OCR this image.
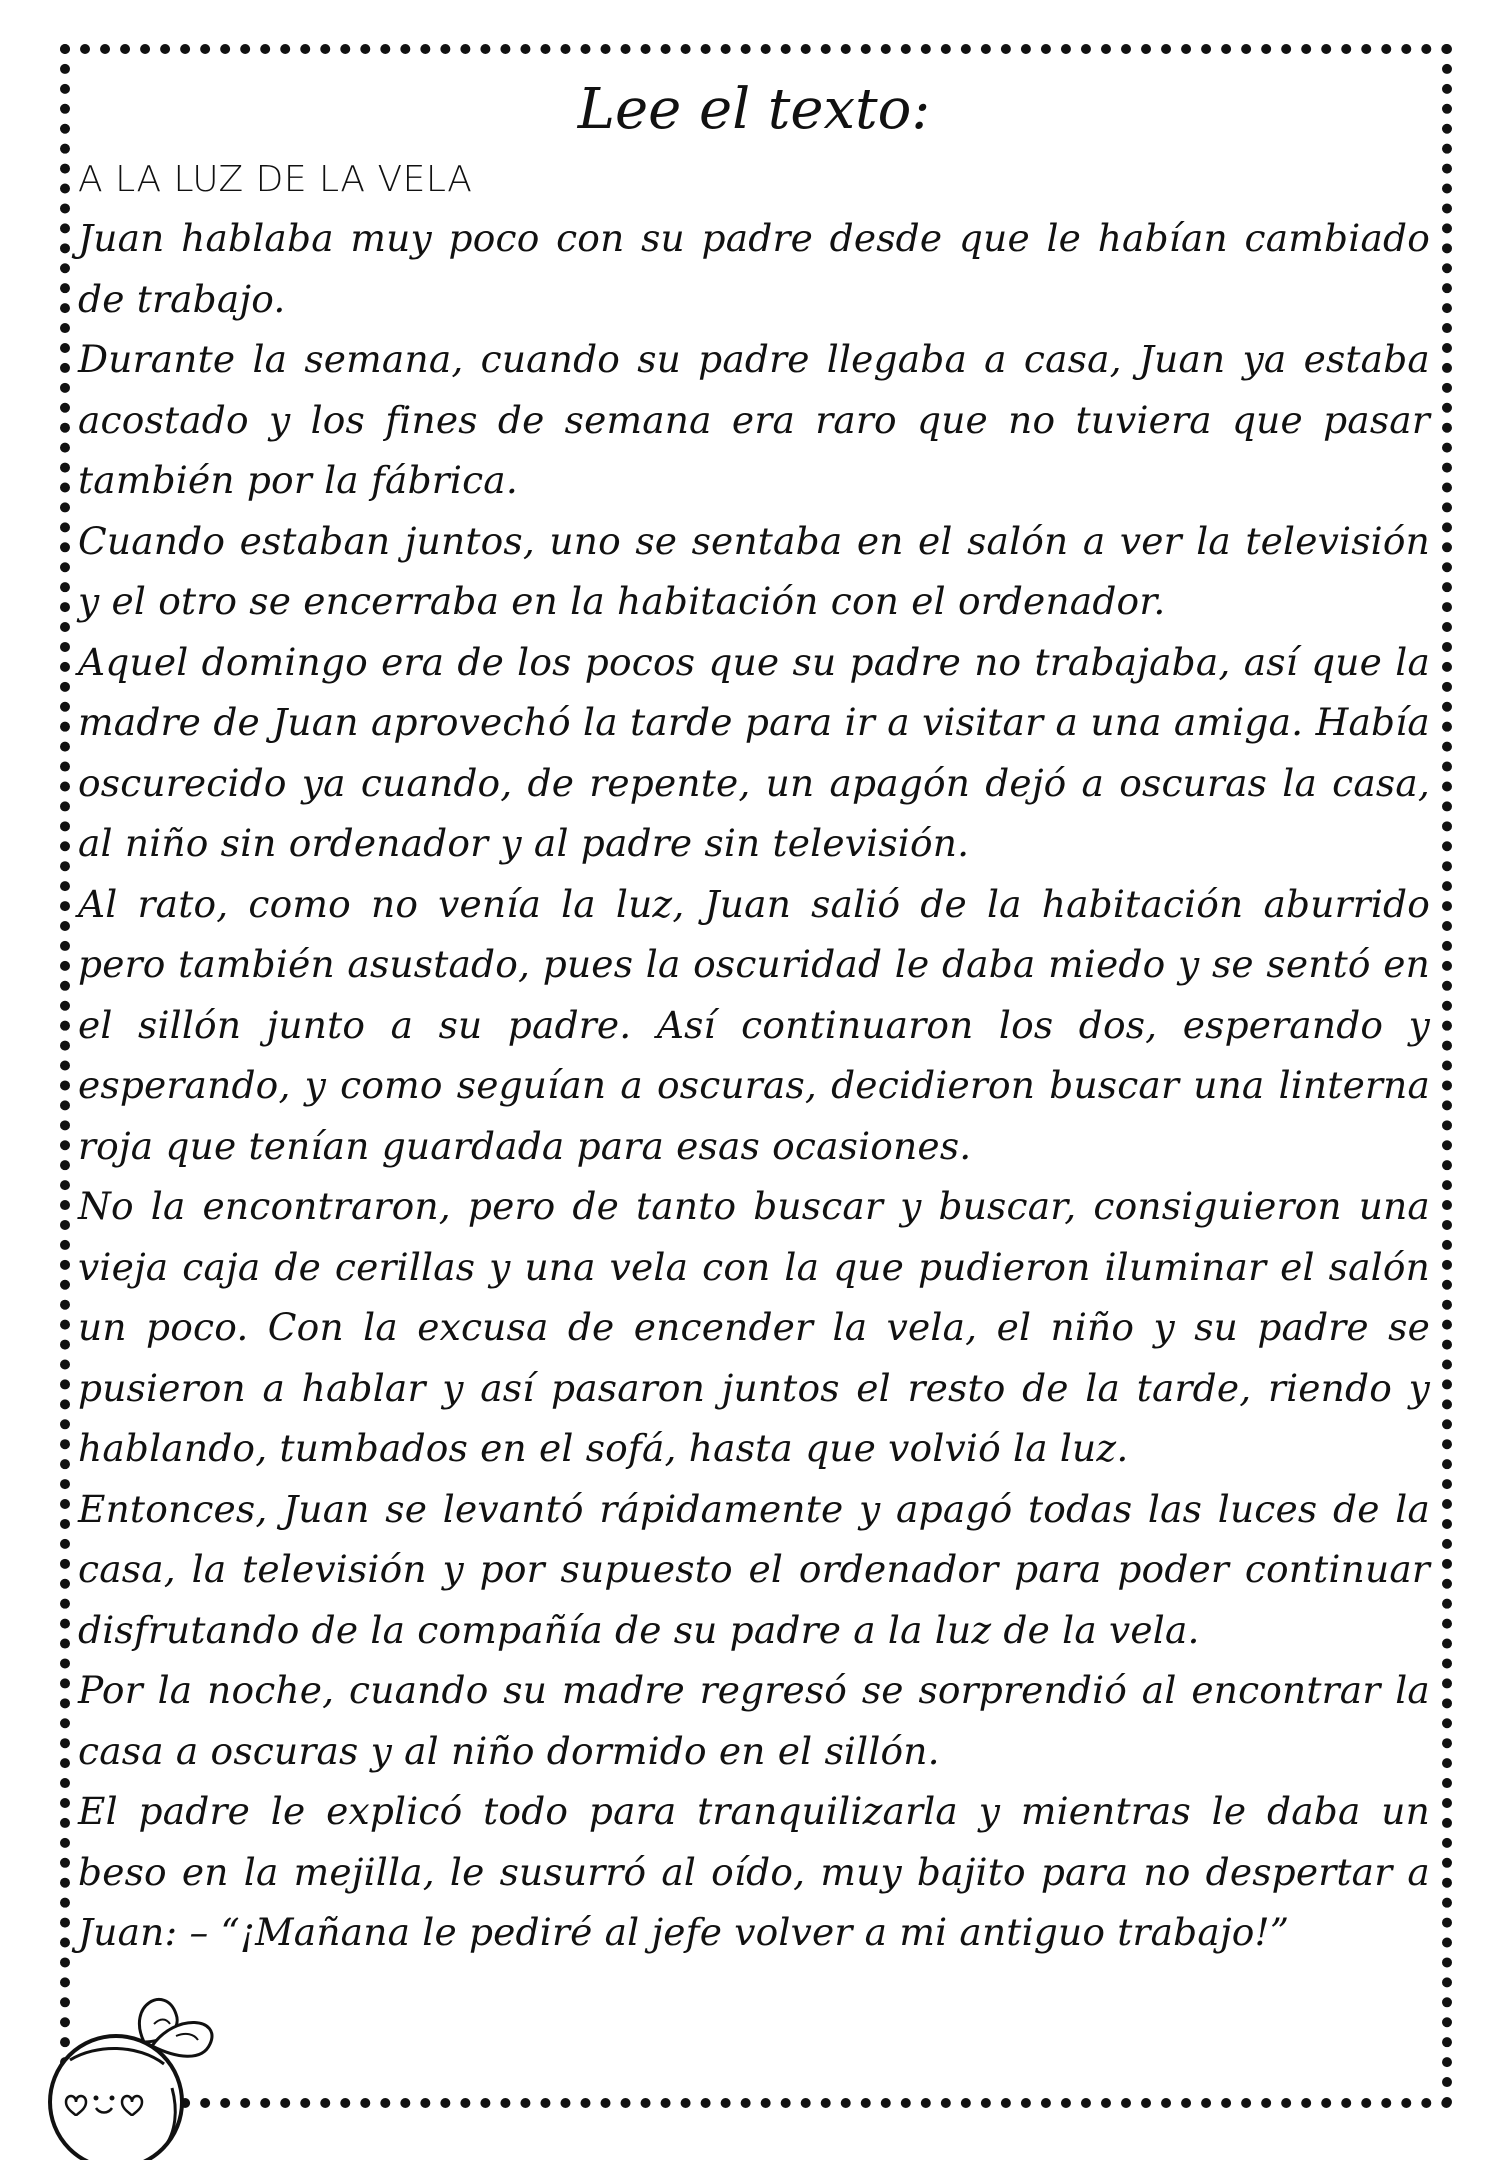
Lee el texto:

A LA LUZ DE LA VELA

Juan hablaba muy poco con su padre desde que le habían cambiado de trabajo.

Durante la semana, cuando su padre llegaba a casa, Juan ya estaba acostado y los fines de semana era raro que no tuviera que pasar también por la fábrica.

Cuando estaban juntos, uno se sentaba en el salón a ver la televisión y el otro se encerraba en la habitación con el ordenador.

Aquel domingo era de los pocos que su padre no trabajaba, así que la madre de Juan aprovechó la tarde para ir a visitar a una amiga. Había oscurecido ya cuando, de repente, un apagón dejó a oscuras la casa, al niño sin ordenador y al padre sin televisión.

Al rato, como no venía la luz, Juan salió de la habitación aburrido pero también asustado, pues la oscuridad le daba miedo y se sentó en el sillón junto a su padre. Así continuaron los dos, esperando y esperando, y como seguían a oscuras, decidieron buscar una linterna roja que tenían guardada para esas ocasiones.

No la encontraron, pero de tanto buscar y buscar, consiguieron una vieja caja de cerillas y una vela con la que pudieron iluminar el salón un poco. Con la excusa de encender la vela, el niño y su padre se pusieron a hablar y así pasaron juntos el resto de la tarde, riendo y hablando, tumbados en el sofá, hasta que volvió la luz.

Entonces, Juan se levantó rápidamente y apagó todas las luces de la casa, la televisión y por supuesto el ordenador para poder continuar disfrutando de la compañía de su padre a la luz de la vela.

Por la noche, cuando su madre regresó se sorprendió al encontrar la casa a oscuras y al niño dormido en el sillón.

El padre le explicó todo para tranquilizarla y mientras le daba un beso en la mejilla, le susurró al oído, muy bajito para no despertar a Juan: – “¡Mañana le pediré al jefe volver a mi antiguo trabajo!”
